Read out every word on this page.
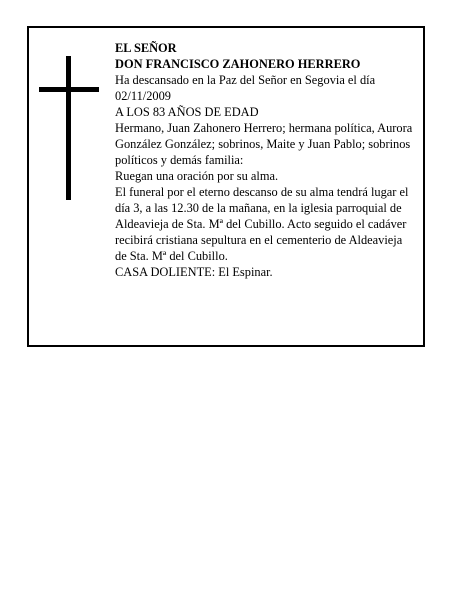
EL SEÑOR

DON FRANCISCO ZAHONERO HERRERO

Ha descansado en la Paz del Señor en Segovia el día 02/11/2009

A LOS 83 AÑOS DE EDAD

Hermano, Juan Zahonero Herrero; hermana política, Aurora González González; sobrinos, Maite y Juan Pablo; sobrinos políticos y demás familia:

Ruegan una oración por su alma.

El funeral por el eterno descanso de su alma tendrá lugar el día 3, a las 12.30 de la mañana, en la iglesia parroquial de Aldeavieja de Sta. Mª del Cubillo. Acto seguido el cadáver recibirá cristiana sepultura en el cementerio de Aldeavieja de Sta. Mª del Cubillo.

CASA DOLIENTE: El Espinar.
